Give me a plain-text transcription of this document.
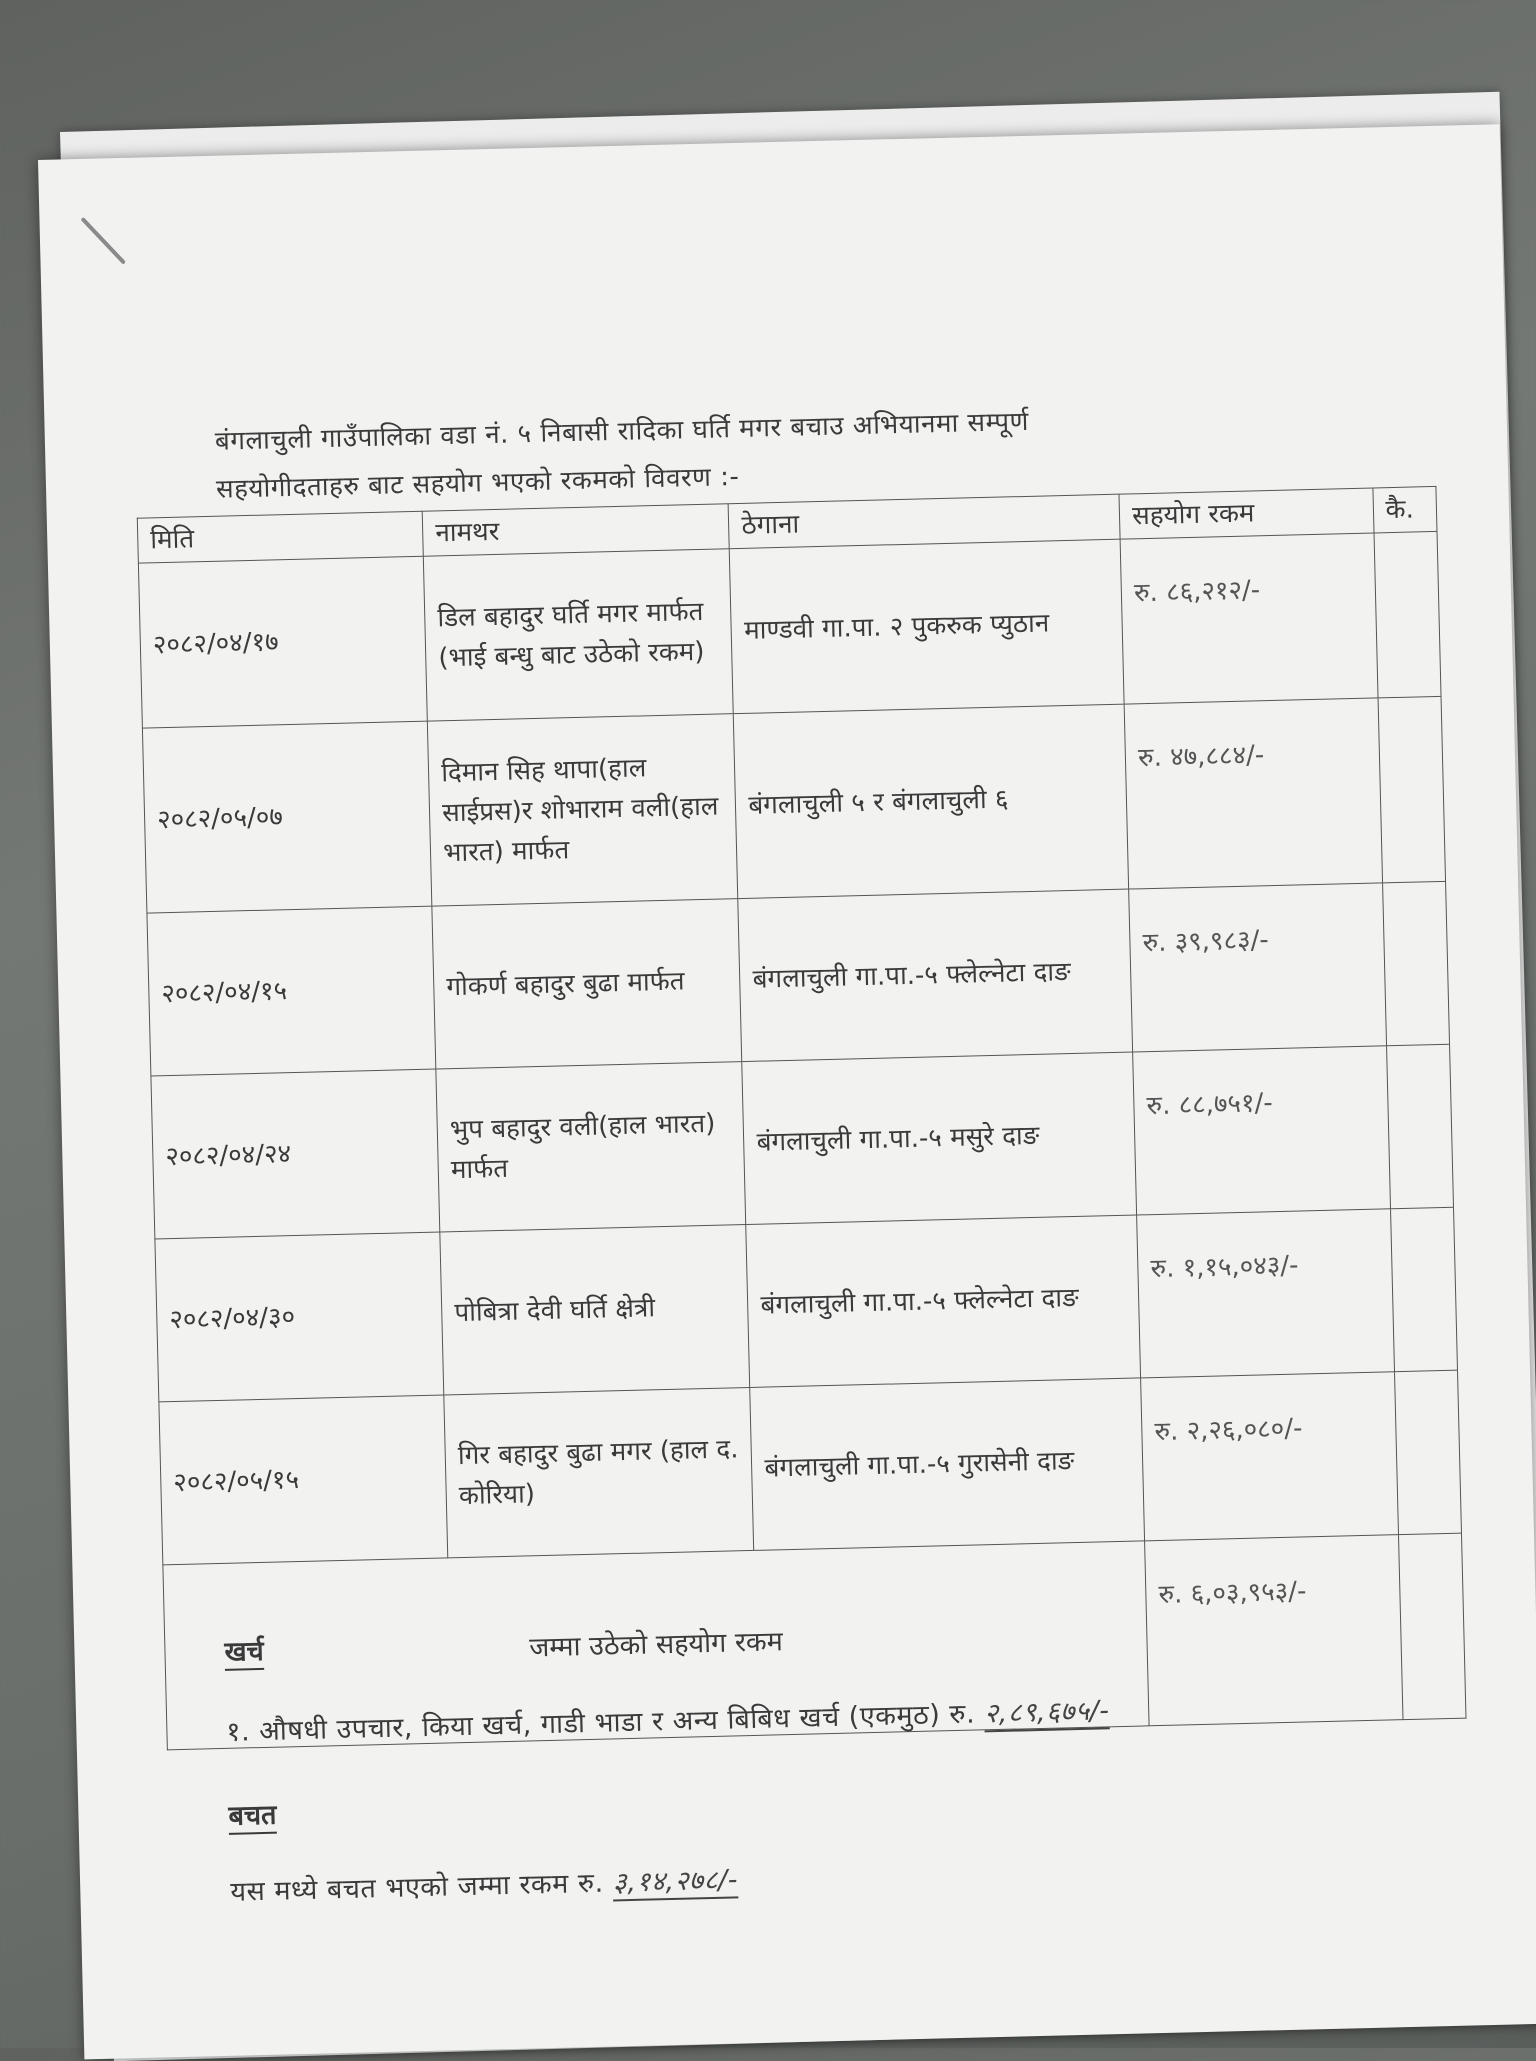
बंगलाचुली गाउँपालिका वडा नं. ५ निबासी रादिका घर्ति मगर बचाउ अभियानमा सम्पूर्ण
सहयोगीदताहरु बाट सहयोग भएको रकमको विवरण :-
मिति	नामथर	ठेगाना	सहयोग रकम	कै.
२०८२/०४/१७	डिल बहादुर घर्ति मगर मार्फत (भाई बन्धु बाट उठेको रकम)	माण्डवी गा.पा. २ पुकरुक प्युठान	रु. ८६,२१२/-	
२०८२/०५/०७	दिमान सिह थापा(हाल साईप्रस)र शोभाराम वली(हाल भारत) मार्फत	बंगलाचुली ५ र बंगलाचुली ६	रु. ४७,८८४/-	
२०८२/०४/१५	गोकर्ण बहादुर बुढा मार्फत	बंगलाचुली गा.पा.-५ फ्लेल्नेटा दाङ	रु. ३९,९८३/-	
२०८२/०४/२४	भुप बहादुर वली(हाल भारत) मार्फत	बंगलाचुली गा.पा.-५ मसुरे दाङ	रु. ८८,७५१/-	
२०८२/०४/३०	पोबित्रा देवी घर्ति क्षेत्री	बंगलाचुली गा.पा.-५ फ्लेल्नेटा दाङ	रु. १,१५,०४३/-	
२०८२/०५/१५	गिर बहादुर बुढा मगर (हाल द. कोरिया)	बंगलाचुली गा.पा.-५ गुरासेनी दाङ	रु. २,२६,०८०/-	
जम्मा उठेको सहयोग रकम			रु. ६,०३,९५३/-	
खर्च
१. औषधी उपचार, किया खर्च, गाडी भाडा र अन्य बिबिध खर्च (एकमुठ) रु. २,८९,६७५/-
बचत
यस मध्ये बचत भएको जम्मा रकम रु. ३,१४,२७८/-
